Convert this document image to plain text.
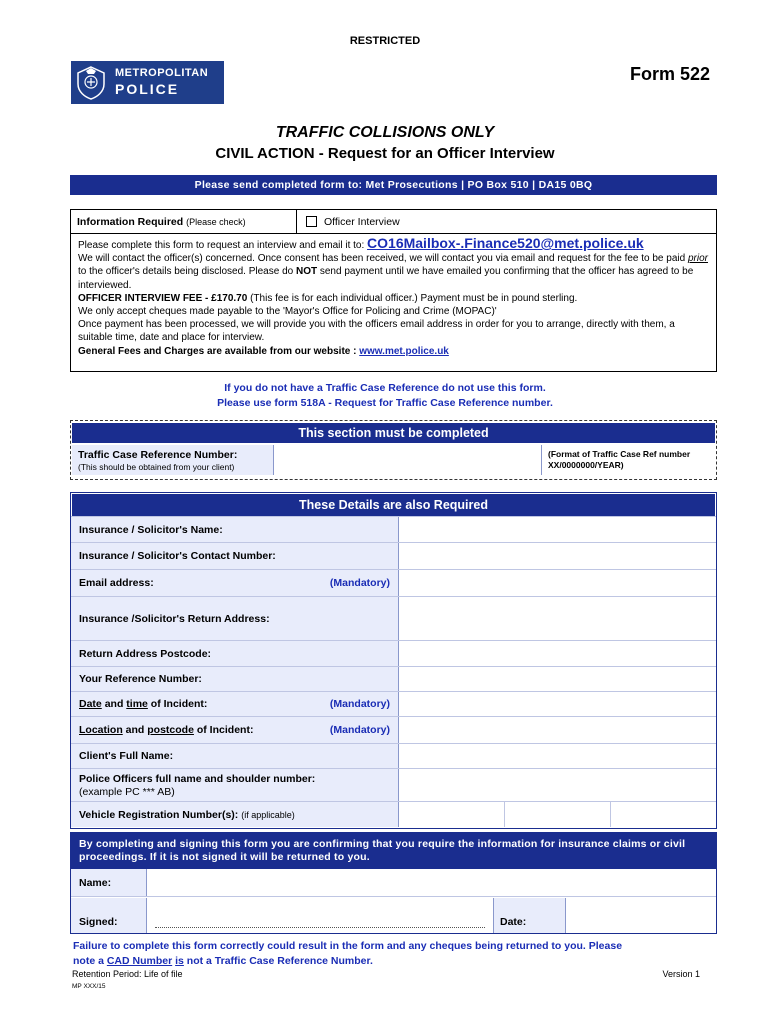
RESTRICTED
METROPOLITAN
POLICE
Form 522
TRAFFIC COLLISIONS ONLY
CIVIL ACTION - Request for an Officer Interview
Please send completed form to: Met Prosecutions | PO Box 510 | DA15 0BQ
Information Required (Please check)	Officer Interview
Please complete this form to request an interview and email it to: CO16Mailbox-.Finance520@met.police.uk
We will contact the officer(s) concerned. Once consent has been received, we will contact you via email and request for the fee to be paid prior to the officer's details being disclosed. Please do NOT send payment until we have emailed you confirming that the officer has agreed to be interviewed.
OFFICER INTERVIEW FEE - £170.70 (This fee is for each individual officer.) Payment must be in pound sterling.
We only accept cheques made payable to the 'Mayor's Office for Policing and Crime (MOPAC)'
Once payment has been processed, we will provide you with the officers email address in order for you to arrange, directly with them, a suitable time, date and place for interview.
General Fees and Charges are available from our website : www.met.police.uk
If you do not have a Traffic Case Reference do not use this form.
Please use form 518A - Request for Traffic Case Reference number.
This section must be completed
Traffic Case Reference Number:
(This should be obtained from your client)
(Format of Traffic Case Ref number
XX/0000000/YEAR)
These Details are also Required
Insurance / Solicitor's Name:
Insurance / Solicitor's Contact Number:
Email address:	(Mandatory)
Insurance /Solicitor's Return Address:
Return Address Postcode:
Your Reference Number:
Date and time of Incident:	(Mandatory)
Location and postcode of Incident:	(Mandatory)
Client's Full Name:
Police Officers full name and shoulder number:
(example PC *** AB)
Vehicle Registration Number(s):
(if applicable)
By completing and signing this form you are confirming that you require the information for insurance claims or civil proceedings. If it is not signed it will be returned to you.
Name:
Signed:	Date:
Failure to complete this form correctly could result in the form and any cheques being returned to you. Please
note a CAD Number is not a Traffic Case Reference Number.
Retention Period: Life of file	Version 1
MP XXX/15
